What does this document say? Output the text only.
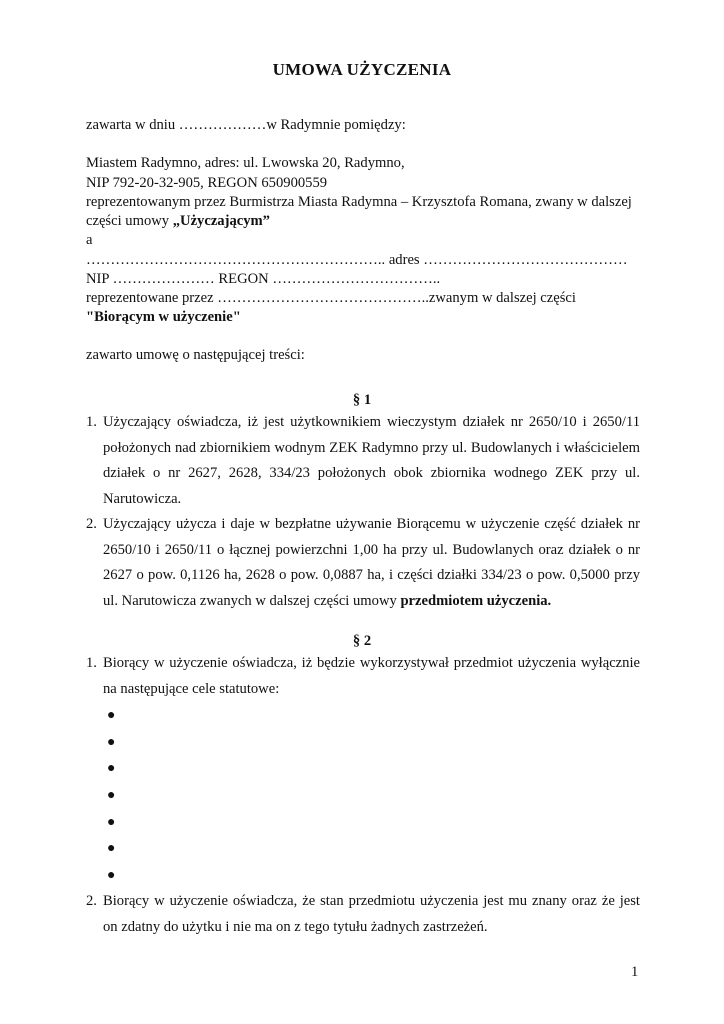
UMOWA UŻYCZENIA
zawarta w dniu ………………w Radymnie pomiędzy:
Miastem Radymno, adres: ul. Lwowska 20, Radymno,
NIP 792-20-32-905, REGON 650900559
reprezentowanym przez Burmistrza Miasta Radymna – Krzysztofa Romana, zwany w dalszej
części umowy „Użyczającym”
a
…………………………………………………….. adres ……………………………………
NIP ………………… REGON ……………………………..
reprezentowane przez ……………………………………..zwanym w dalszej części
"Biorącym w użyczenie"
zawarto umowę o następującej treści:
§ 1
1. Użyczający oświadcza, iż jest użytkownikiem wieczystym działek nr 2650/10 i 2650/11 położonych nad zbiornikiem wodnym ZEK Radymno przy ul. Budowlanych i właścicielem działek o nr 2627, 2628, 334/23 położonych obok zbiornika wodnego ZEK przy ul. Narutowicza.
2. Użyczający użycza i daje w bezpłatne używanie Biorącemu w użyczenie część działek nr 2650/10 i 2650/11 o łącznej powierzchni 1,00 ha przy ul. Budowlanych oraz działek o nr 2627 o pow. 0,1126 ha, 2628 o pow. 0,0887 ha, i części działki 334/23 o pow. 0,5000 przy ul. Narutowicza zwanych w dalszej części umowy przedmiotem użyczenia.
§ 2
1. Biorący w użyczenie oświadcza, iż będzie wykorzystywał przedmiot użyczenia wyłącznie na następujące cele statutowe:
●
●
●
●
●
●
●
2. Biorący w użyczenie oświadcza, że stan przedmiotu użyczenia jest mu znany oraz że jest on zdatny do użytku i nie ma on z tego tytułu żadnych zastrzeżeń.
1
